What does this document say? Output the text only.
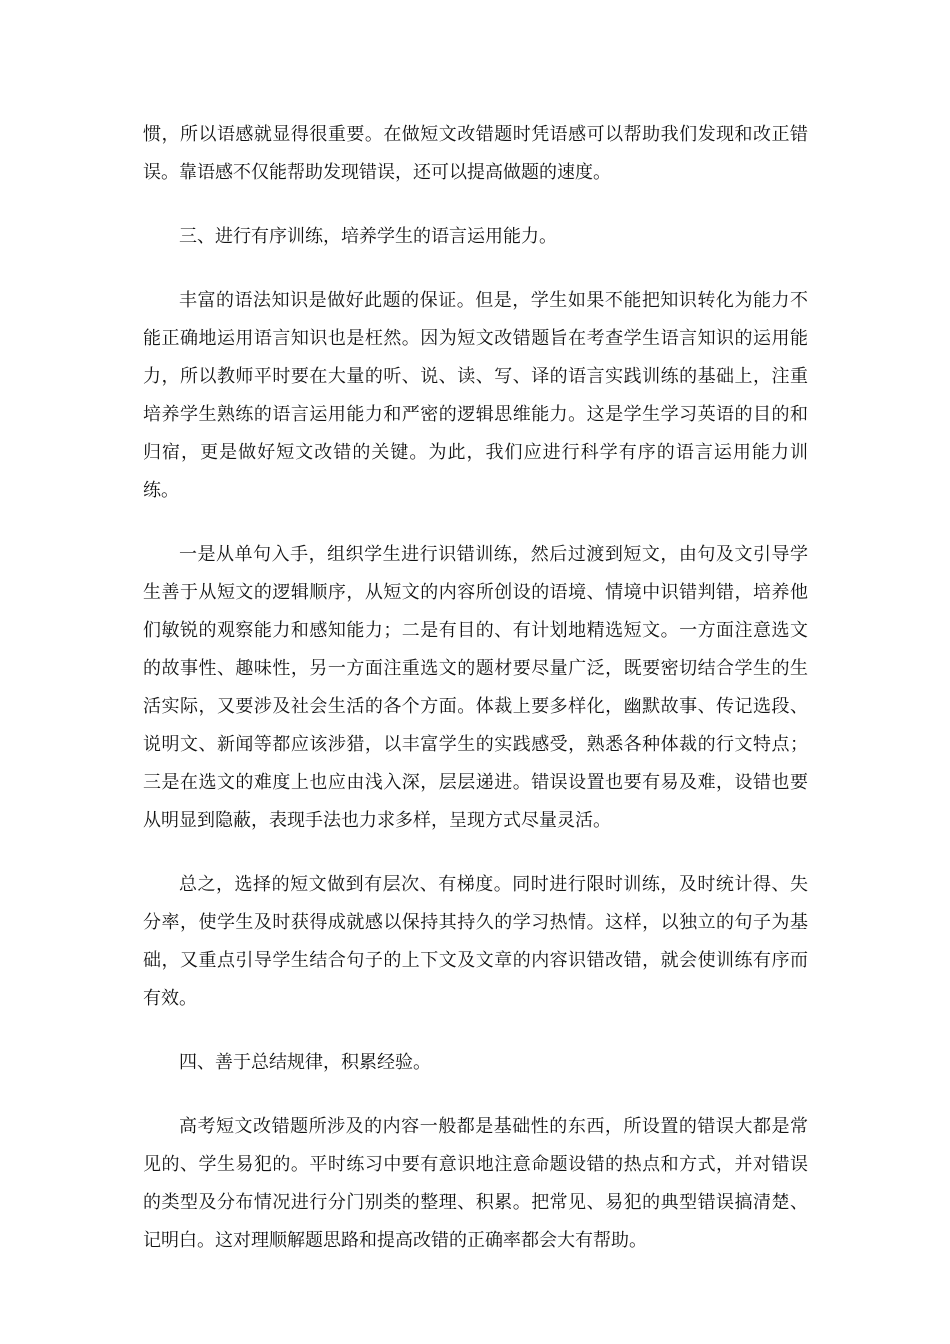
惯，所以语感就显得很重要。在做短文改错题时凭语感可以帮助我们发现和改正错误。靠语感不仅能帮助发现错误，还可以提高做题的速度。

三、进行有序训练，培养学生的语言运用能力。

丰富的语法知识是做好此题的保证。但是，学生如果不能把知识转化为能力不能正确地运用语言知识也是枉然。因为短文改错题旨在考查学生语言知识的运用能力，所以教师平时要在大量的听、说、读、写、译的语言实践训练的基础上，注重培养学生熟练的语言运用能力和严密的逻辑思维能力。这是学生学习英语的目的和归宿，更是做好短文改错的关键。为此，我们应进行科学有序的语言运用能力训练。

一是从单句入手，组织学生进行识错训练，然后过渡到短文，由句及文引导学生善于从短文的逻辑顺序，从短文的内容所创设的语境、情境中识错判错，培养他们敏锐的观察能力和感知能力；二是有目的、有计划地精选短文。一方面注意选文的故事性、趣味性，另一方面注重选文的题材要尽量广泛，既要密切结合学生的生活实际，又要涉及社会生活的各个方面。体裁上要多样化，幽默故事、传记选段、说明文、新闻等都应该涉猎，以丰富学生的实践感受，熟悉各种体裁的行文特点；三是在选文的难度上也应由浅入深，层层递进。错误设置也要有易及难，设错也要从明显到隐蔽，表现手法也力求多样，呈现方式尽量灵活。

总之，选择的短文做到有层次、有梯度。同时进行限时训练，及时统计得、失分率，使学生及时获得成就感以保持其持久的学习热情。这样，以独立的句子为基础，又重点引导学生结合句子的上下文及文章的内容识错改错，就会使训练有序而有效。

四、善于总结规律，积累经验。

高考短文改错题所涉及的内容一般都是基础性的东西，所设置的错误大都是常见的、学生易犯的。平时练习中要有意识地注意命题设错的热点和方式，并对错误的类型及分布情况进行分门别类的整理、积累。把常见、易犯的典型错误搞清楚、记明白。这对理顺解题思路和提高改错的正确率都会大有帮助。
